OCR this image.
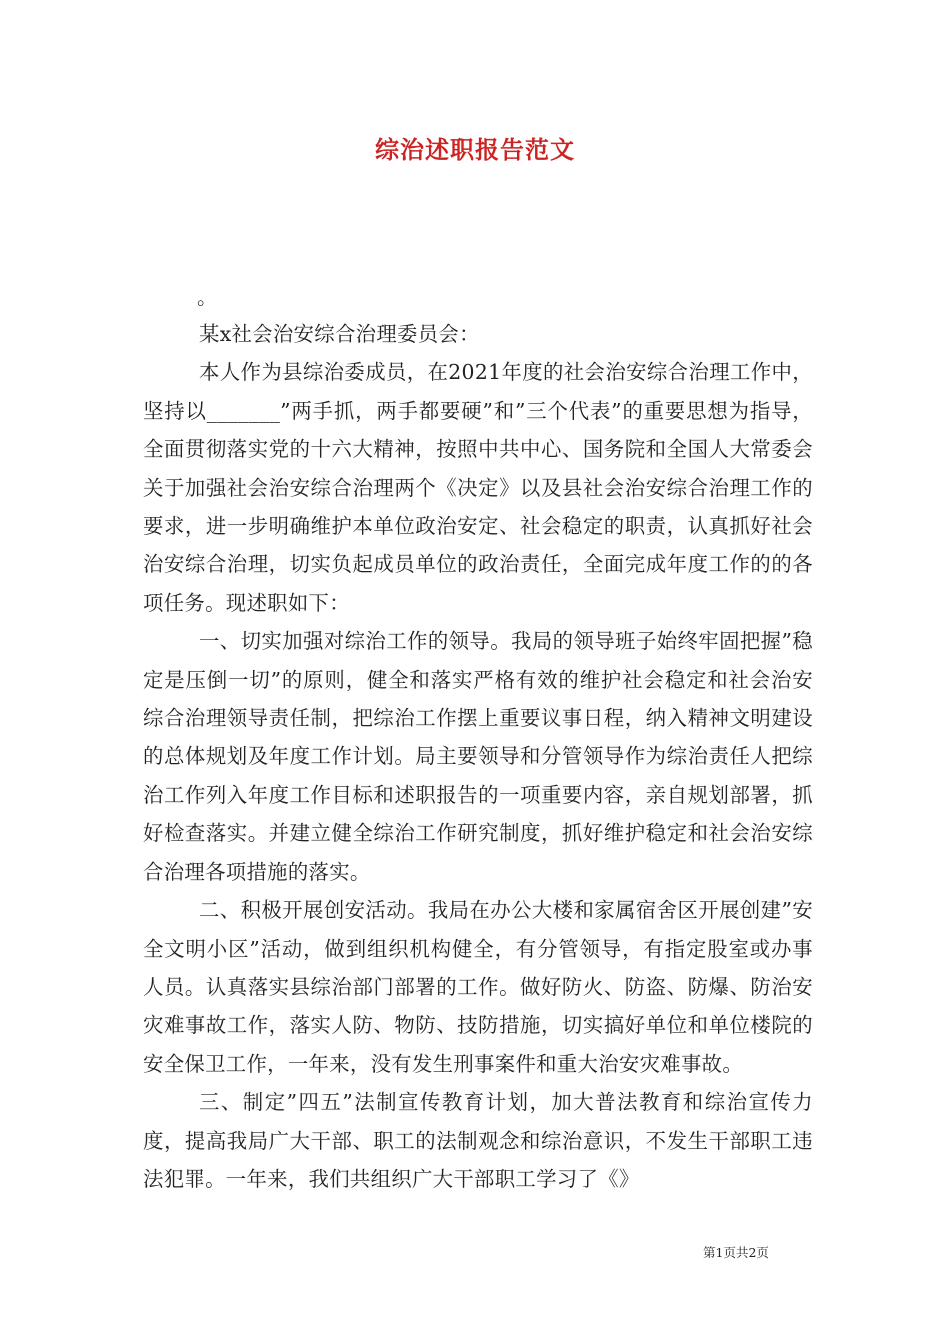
综治述职报告范文
。

某x社会治安综合治理委员会：

本人作为县综治委成员，在2021年度的社会治安综合治理工作中，坚持以_______”两手抓，两手都要硬”和”三个代表”的重要思想为指导，全面贯彻落实党的十六大精神，按照中共中心、国务院和全国人大常委会关于加强社会治安综合治理两个《决定》以及县社会治安综合治理工作的要求，进一步明确维护本单位政治安定、社会稳定的职责，认真抓好社会治安综合治理，切实负起成员单位的政治责任，全面完成年度工作的的各项任务。现述职如下：

一、切实加强对综治工作的领导。我局的领导班子始终牢固把握”稳定是压倒一切”的原则，健全和落实严格有效的维护社会稳定和社会治安综合治理领导责任制，把综治工作摆上重要议事日程，纳入精神文明建设的总体规划及年度工作计划。局主要领导和分管领导作为综治责任人把综治工作列入年度工作目标和述职报告的一项重要内容，亲自规划部署，抓好检查落实。并建立健全综治工作研究制度，抓好维护稳定和社会治安综合治理各项措施的落实。

二、积极开展创安活动。我局在办公大楼和家属宿舍区开展创建”安全文明小区”活动，做到组织机构健全，有分管领导，有指定股室或办事人员。认真落实县综治部门部署的工作。做好防火、防盗、防爆、防治安灾难事故工作，落实人防、物防、技防措施，切实搞好单位和单位楼院的安全保卫工作，一年来，没有发生刑事案件和重大治安灾难事故。

三、制定”四五”法制宣传教育计划，加大普法教育和综治宣传力度，提高我局广大干部、职工的法制观念和综治意识，不发生干部职工违法犯罪。一年来，我们共组织广大干部职工学习了《》

第1页共2页
